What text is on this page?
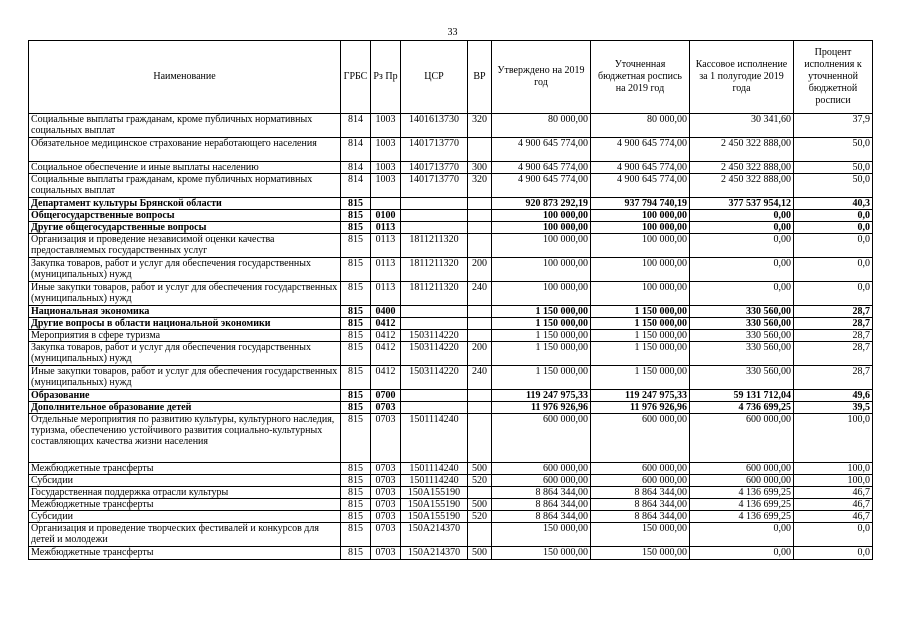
33
Наименование	ГРБС	Рз Пр	ЦСР	ВР	Утверждено на 2019 год	Уточненная бюджетная роспись на 2019 год	Кассовое исполнение за 1 полугодие 2019 года	Процент исполнения к уточненной бюджетной росписи
Социальные выплаты гражданам, кроме публичных нормативных социальных выплат	814	1003	1401613730	320	80 000,00	80 000,00	30 341,60	37,9
Обязательное медицинское страхование неработающего населения	814	1003	1401713770		4 900 645 774,00	4 900 645 774,00	2 450 322 888,00	50,0
Социальное обеспечение и иные выплаты населению	814	1003	1401713770	300	4 900 645 774,00	4 900 645 774,00	2 450 322 888,00	50,0
Социальные выплаты гражданам, кроме публичных нормативных социальных выплат	814	1003	1401713770	320	4 900 645 774,00	4 900 645 774,00	2 450 322 888,00	50,0
Департамент культуры Брянской области	815				920 873 292,19	937 794 740,19	377 537 954,12	40,3
Общегосударственные вопросы	815	0100			100 000,00	100 000,00	0,00	0,0
Другие общегосударственные вопросы	815	0113			100 000,00	100 000,00	0,00	0,0
Организация и проведение независимой оценки качества предоставляемых государственных услуг	815	0113	1811211320		100 000,00	100 000,00	0,00	0,0
Закупка товаров, работ и услуг для обеспечения государственных (муниципальных) нужд	815	0113	1811211320	200	100 000,00	100 000,00	0,00	0,0
Иные закупки товаров, работ и услуг для обеспечения государственных (муниципальных) нужд	815	0113	1811211320	240	100 000,00	100 000,00	0,00	0,0
Национальная экономика	815	0400			1 150 000,00	1 150 000,00	330 560,00	28,7
Другие вопросы в области национальной экономики	815	0412			1 150 000,00	1 150 000,00	330 560,00	28,7
Мероприятия в сфере туризма	815	0412	1503114220		1 150 000,00	1 150 000,00	330 560,00	28,7
Закупка товаров, работ и услуг для обеспечения государственных (муниципальных) нужд	815	0412	1503114220	200	1 150 000,00	1 150 000,00	330 560,00	28,7
Иные закупки товаров, работ и услуг для обеспечения государственных (муниципальных) нужд	815	0412	1503114220	240	1 150 000,00	1 150 000,00	330 560,00	28,7
Образование	815	0700			119 247 975,33	119 247 975,33	59 131 712,04	49,6
Дополнительное образование детей	815	0703			11 976 926,96	11 976 926,96	4 736 699,25	39,5
Отдельные мероприятия по развитию культуры, культурного наследия, туризма, обеспечению устойчивого развития социально-культурных составляющих качества жизни населения	815	0703	1501114240		600 000,00	600 000,00	600 000,00	100,0
Межбюджетные трансферты	815	0703	1501114240	500	600 000,00	600 000,00	600 000,00	100,0
Субсидии	815	0703	1501114240	520	600 000,00	600 000,00	600 000,00	100,0
Государственная поддержка отрасли культуры	815	0703	150A155190		8 864 344,00	8 864 344,00	4 136 699,25	46,7
Межбюджетные трансферты	815	0703	150A155190	500	8 864 344,00	8 864 344,00	4 136 699,25	46,7
Субсидии	815	0703	150A155190	520	8 864 344,00	8 864 344,00	4 136 699,25	46,7
Организация и проведение творческих фестивалей и конкурсов для детей и молодежи	815	0703	150A214370		150 000,00	150 000,00	0,00	0,0
Межбюджетные трансферты	815	0703	150A214370	500	150 000,00	150 000,00	0,00	0,0
